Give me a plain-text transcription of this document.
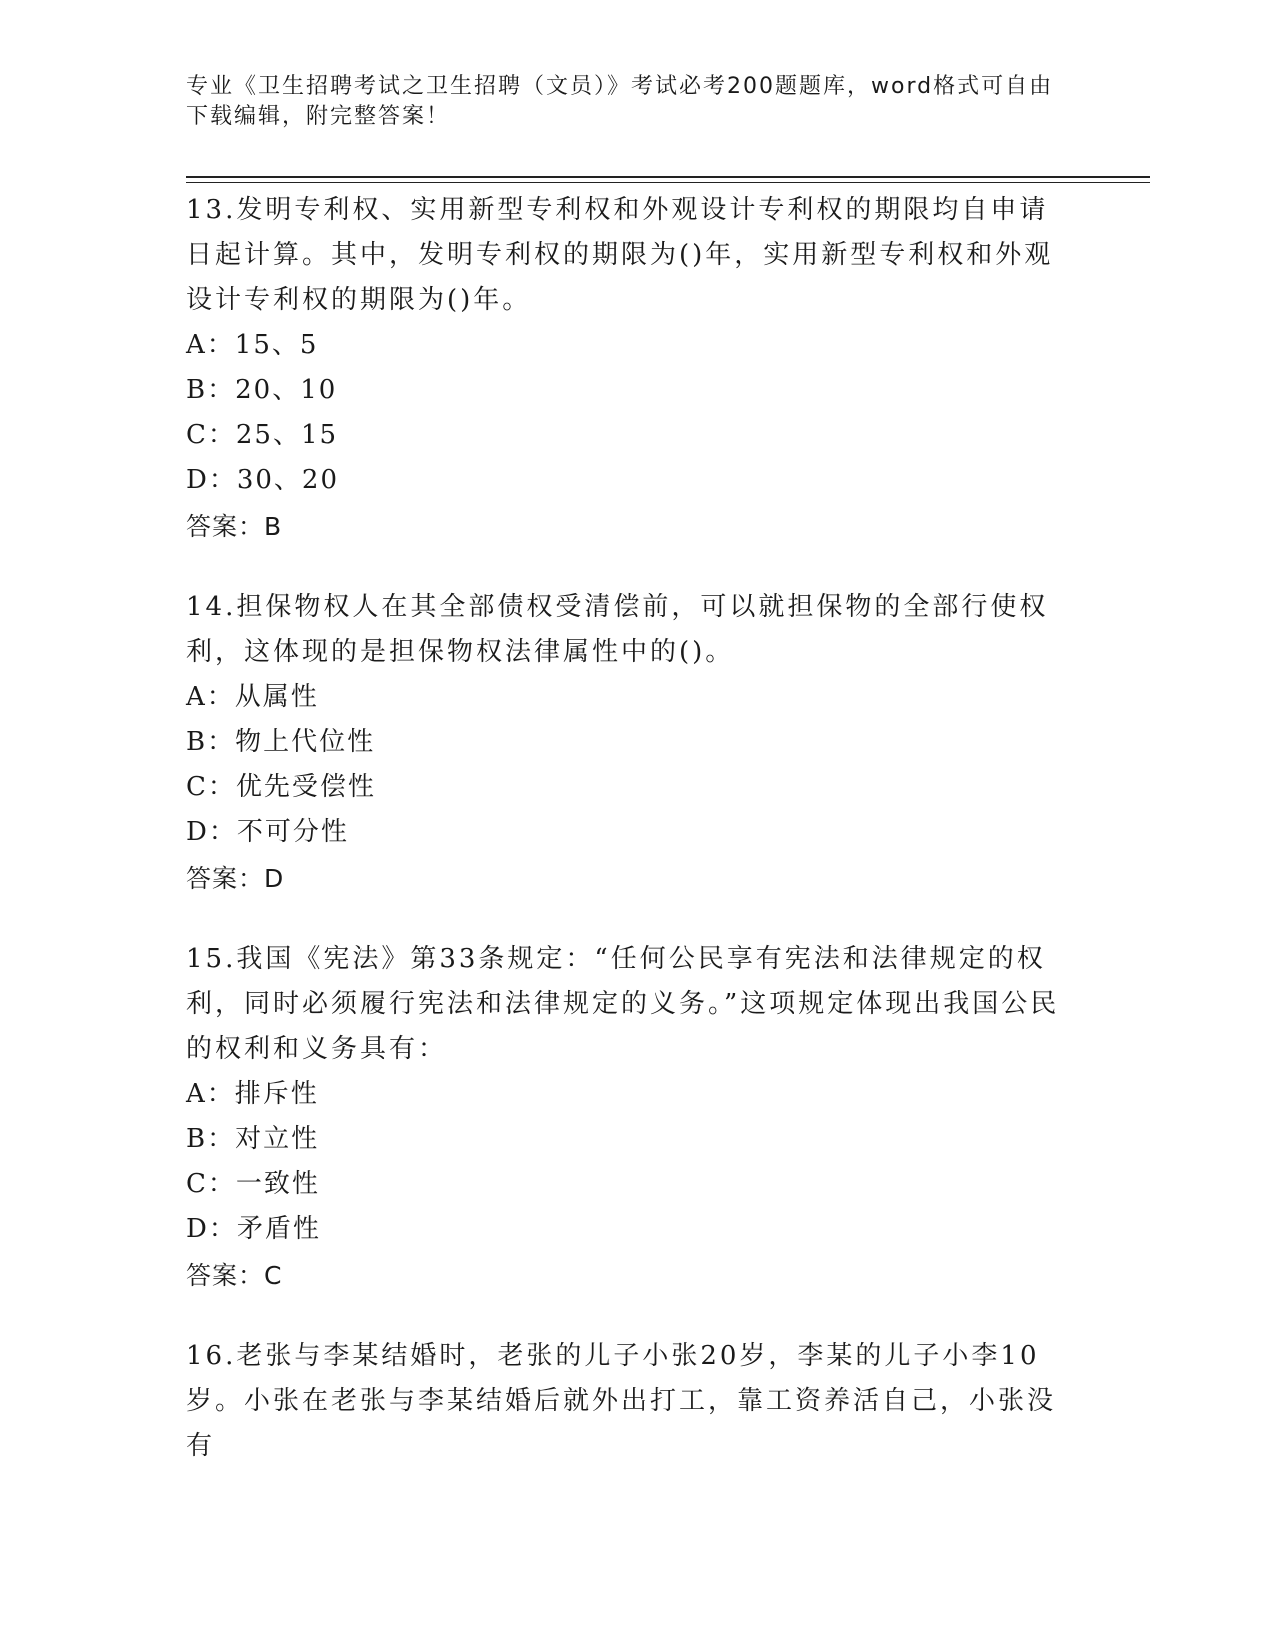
专业《卫生招聘考试之卫生招聘（文员）》考试必考200题题库，word格式可自由下载编辑，附完整答案！
13.发明专利权、实用新型专利权和外观设计专利权的期限均自申请日起计算。其中，发明专利权的期限为()年，实用新型专利权和外观设计专利权的期限为()年。
A：15、5
B：20、10
C：25、15
D：30、20
答案：B
14.担保物权人在其全部债权受清偿前，可以就担保物的全部行使权利，这体现的是担保物权法律属性中的()。
A：从属性
B：物上代位性
C：优先受偿性
D：不可分性
答案：D
15.我国《宪法》第33条规定：“任何公民享有宪法和法律规定的权利，同时必须履行宪法和法律规定的义务。”这项规定体现出我国公民的权利和义务具有：
A：排斥性
B：对立性
C：一致性
D：矛盾性
答案：C
16.老张与李某结婚时，老张的儿子小张20岁，李某的儿子小李10岁。小张在老张与李某结婚后就外出打工，靠工资养活自己，小张没有
